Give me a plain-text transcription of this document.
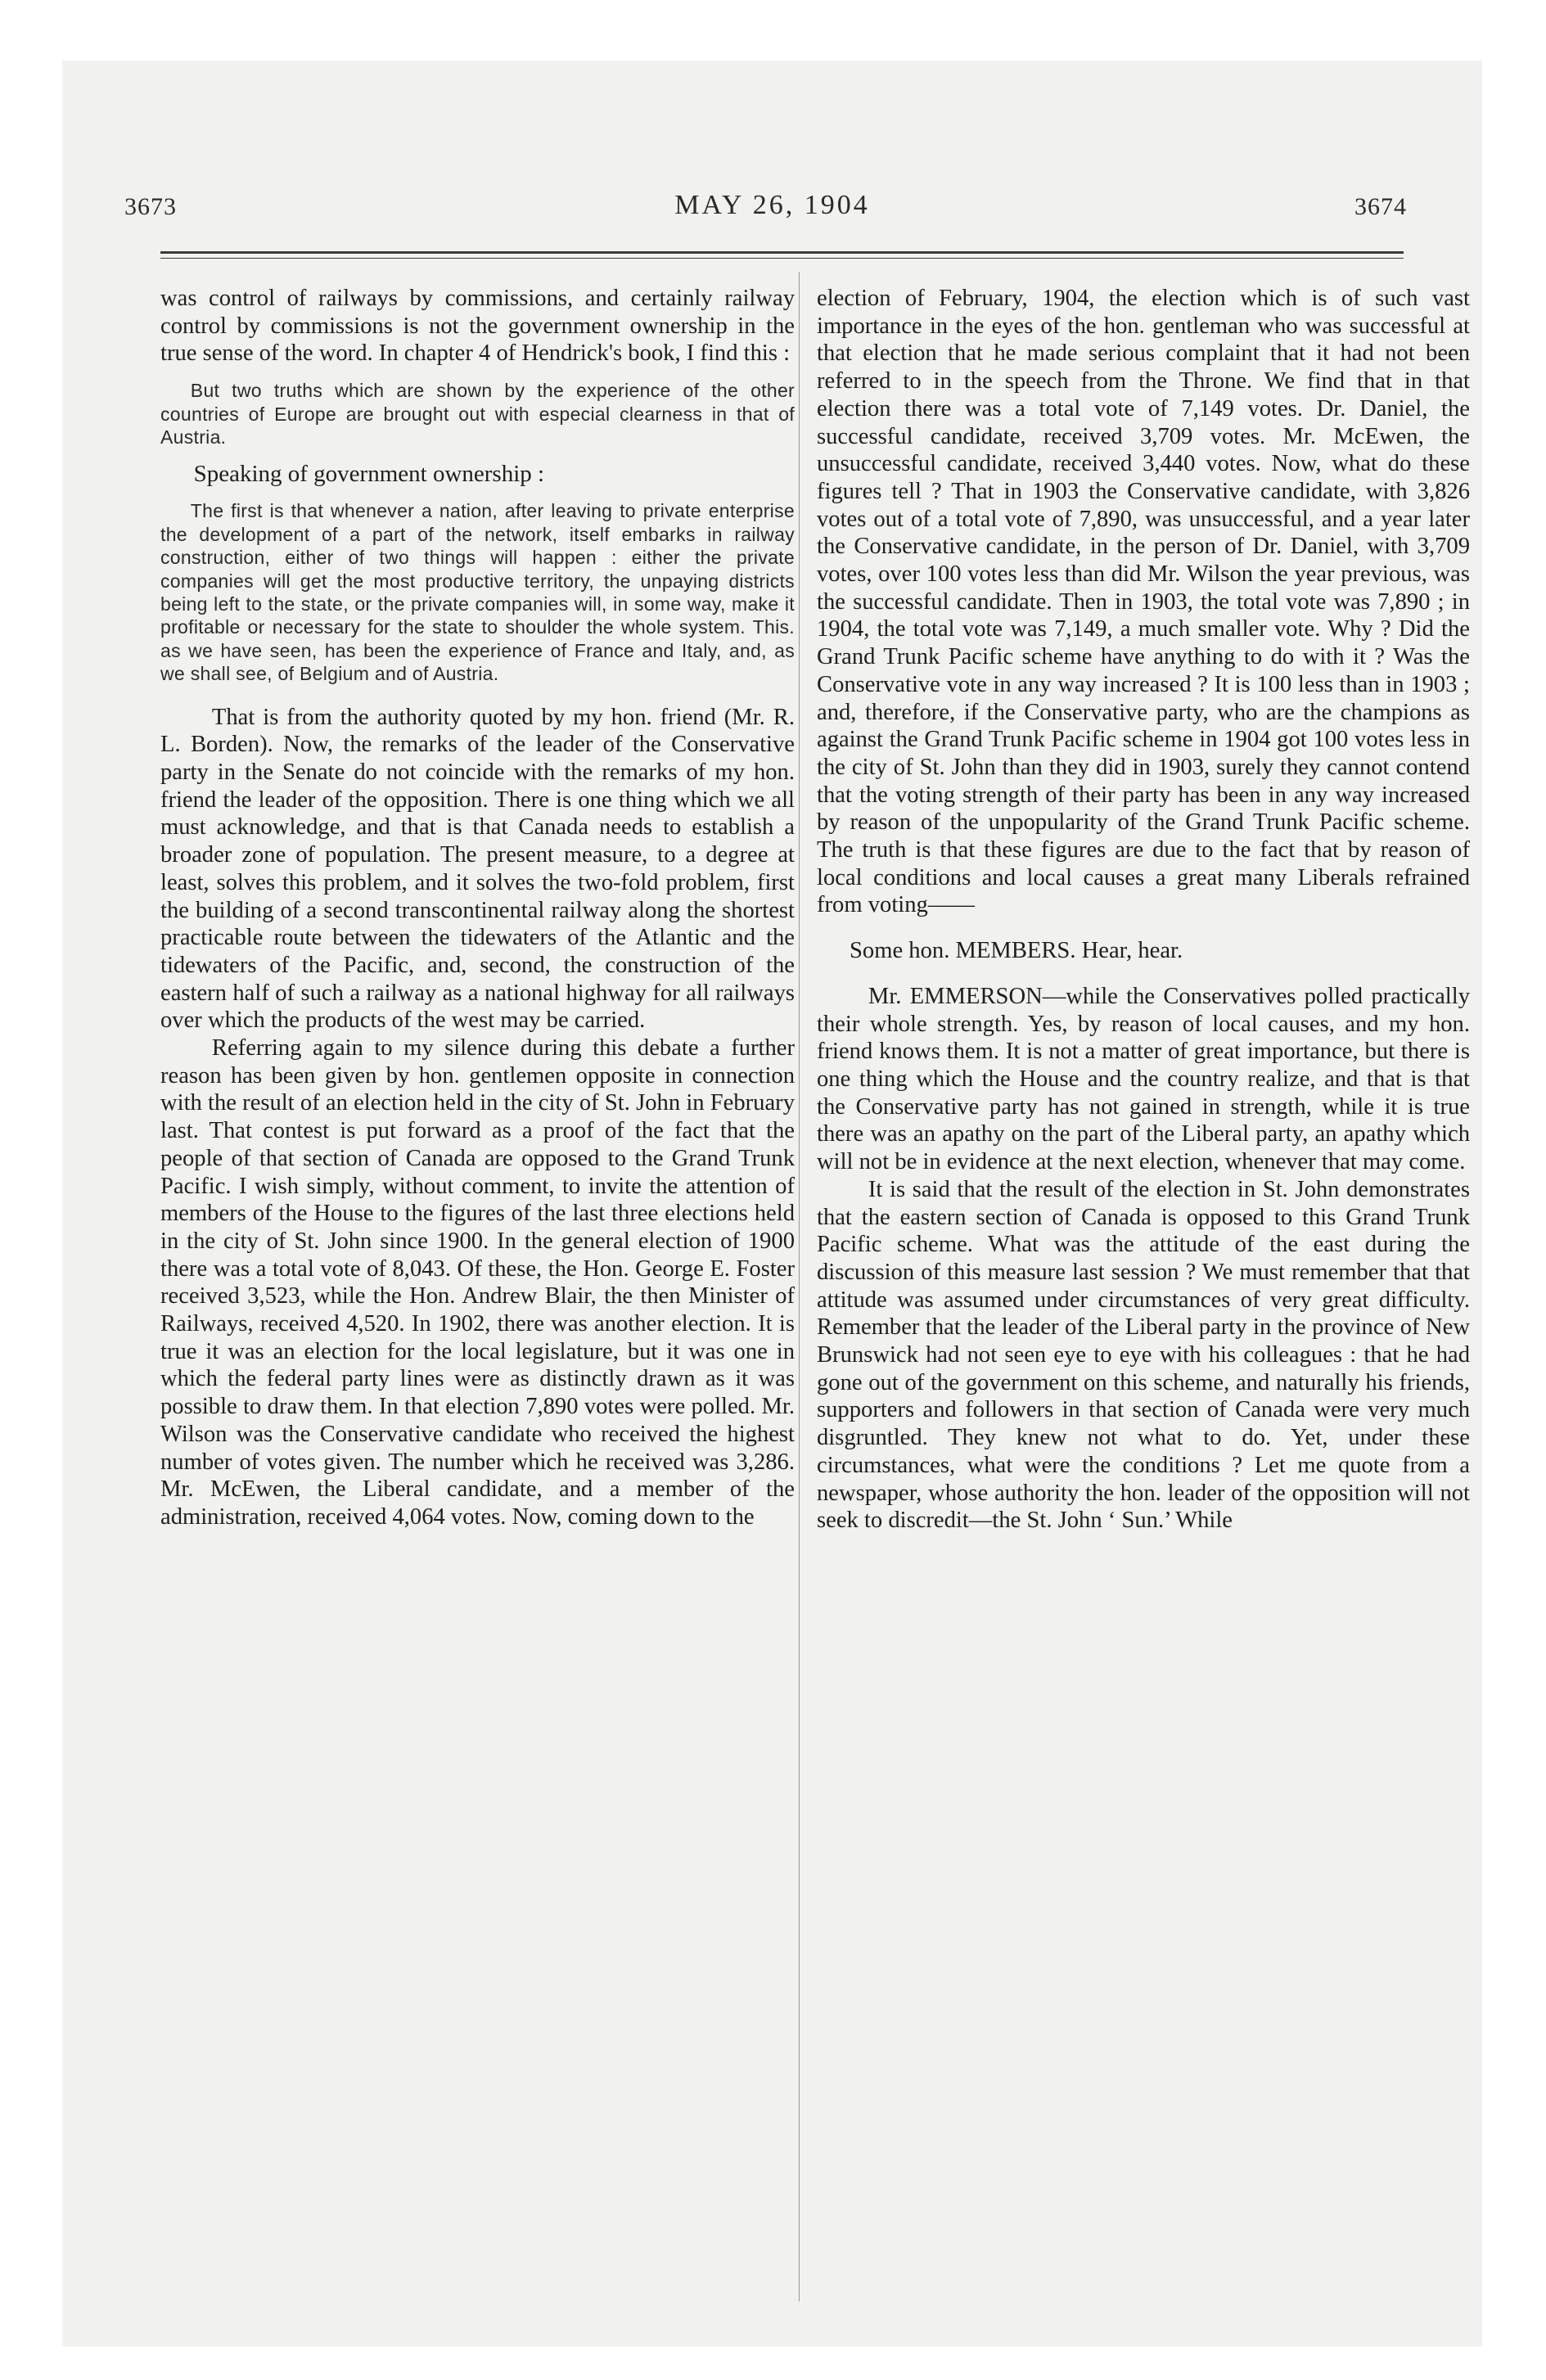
3673	MAY 26, 1904	3674

was control of railways by commissions, and certainly railway control by commissions is not the government ownership in the true sense of the word. In chapter 4 of Hendrick's book, I find this :

But two truths which are shown by the experience of the other countries of Europe are brought out with especial clearness in that of Austria.

Speaking of government ownership :

The first is that whenever a nation, after leaving to private enterprise the development of a part of the network, itself embarks in railway construction, either of two things will happen : either the private companies will get the most productive territory, the unpaying districts being left to the state, or the private companies will, in some way, make it profitable or necessary for the state to shoulder the whole system. This. as we have seen, has been the experience of France and Italy, and, as we shall see, of Belgium and of Austria.

That is from the authority quoted by my hon. friend (Mr. R. L. Borden). Now, the remarks of the leader of the Conservative party in the Senate do not coincide with the remarks of my hon. friend the leader of the opposition. There is one thing which we all must acknowledge, and that is that Canada needs to establish a broader zone of population. The present measure, to a degree at least, solves this problem, and it solves the two-fold problem, first the building of a second transcontinental railway along the shortest practicable route between the tidewaters of the Atlantic and the tidewaters of the Pacific, and, second, the construction of the eastern half of such a railway as a national highway for all railways over which the products of the west may be carried.

Referring again to my silence during this debate a further reason has been given by hon. gentlemen opposite in connection with the result of an election held in the city of St. John in February last. That contest is put forward as a proof of the fact that the people of that section of Canada are opposed to the Grand Trunk Pacific. I wish simply, without comment, to invite the attention of members of the House to the figures of the last three elections held in the city of St. John since 1900. In the general election of 1900 there was a total vote of 8,043. Of these, the Hon. George E. Foster received 3,523, while the Hon. Andrew Blair, the then Minister of Railways, received 4,520. In 1902, there was another election. It is true it was an election for the local legislature, but it was one in which the federal party lines were as distinctly drawn as it was possible to draw them. In that election 7,890 votes were polled. Mr. Wilson was the Conservative candidate who received the highest number of votes given. The number which he received was 3,286. Mr. McEwen, the Liberal candidate, and a member of the administration, received 4,064 votes. Now, coming down to the

election of February, 1904, the election which is of such vast importance in the eyes of the hon. gentleman who was successful at that election that he made serious complaint that it had not been referred to in the speech from the Throne. We find that in that election there was a total vote of 7,149 votes. Dr. Daniel, the successful candidate, received 3,709 votes. Mr. McEwen, the unsuccessful candidate, received 3,440 votes. Now, what do these figures tell ? That in 1903 the Conservative candidate, with 3,826 votes out of a total vote of 7,890, was unsuccessful, and a year later the Conservative candidate, in the person of Dr. Daniel, with 3,709 votes, over 100 votes less than did Mr. Wilson the year previous, was the successful candidate. Then in 1903, the total vote was 7,890 ; in 1904, the total vote was 7,149, a much smaller vote. Why ? Did the Grand Trunk Pacific scheme have anything to do with it ? Was the Conservative vote in any way increased ? It is 100 less than in 1903 ; and, therefore, if the Conservative party, who are the champions as against the Grand Trunk Pacific scheme in 1904 got 100 votes less in the city of St. John than they did in 1903, surely they cannot contend that the voting strength of their party has been in any way increased by reason of the unpopularity of the Grand Trunk Pacific scheme. The truth is that these figures are due to the fact that by reason of local conditions and local causes a great many Liberals refrained from voting——

Some hon. MEMBERS. Hear, hear.

Mr. EMMERSON—while the Conservatives polled practically their whole strength. Yes, by reason of local causes, and my hon. friend knows them. It is not a matter of great importance, but there is one thing which the House and the country realize, and that is that the Conservative party has not gained in strength, while it is true there was an apathy on the part of the Liberal party, an apathy which will not be in evidence at the next election, whenever that may come.

It is said that the result of the election in St. John demonstrates that the eastern section of Canada is opposed to this Grand Trunk Pacific scheme. What was the attitude of the east during the discussion of this measure last session ? We must remember that that attitude was assumed under circumstances of very great difficulty. Remember that the leader of the Liberal party in the province of New Brunswick had not seen eye to eye with his colleagues : that he had gone out of the government on this scheme, and naturally his friends, supporters and followers in that section of Canada were very much disgruntled. They knew not what to do. Yet, under these circumstances, what were the conditions ? Let me quote from a newspaper, whose authority the hon. leader of the opposition will not seek to discredit—the St. John ‘ Sun.’ While
